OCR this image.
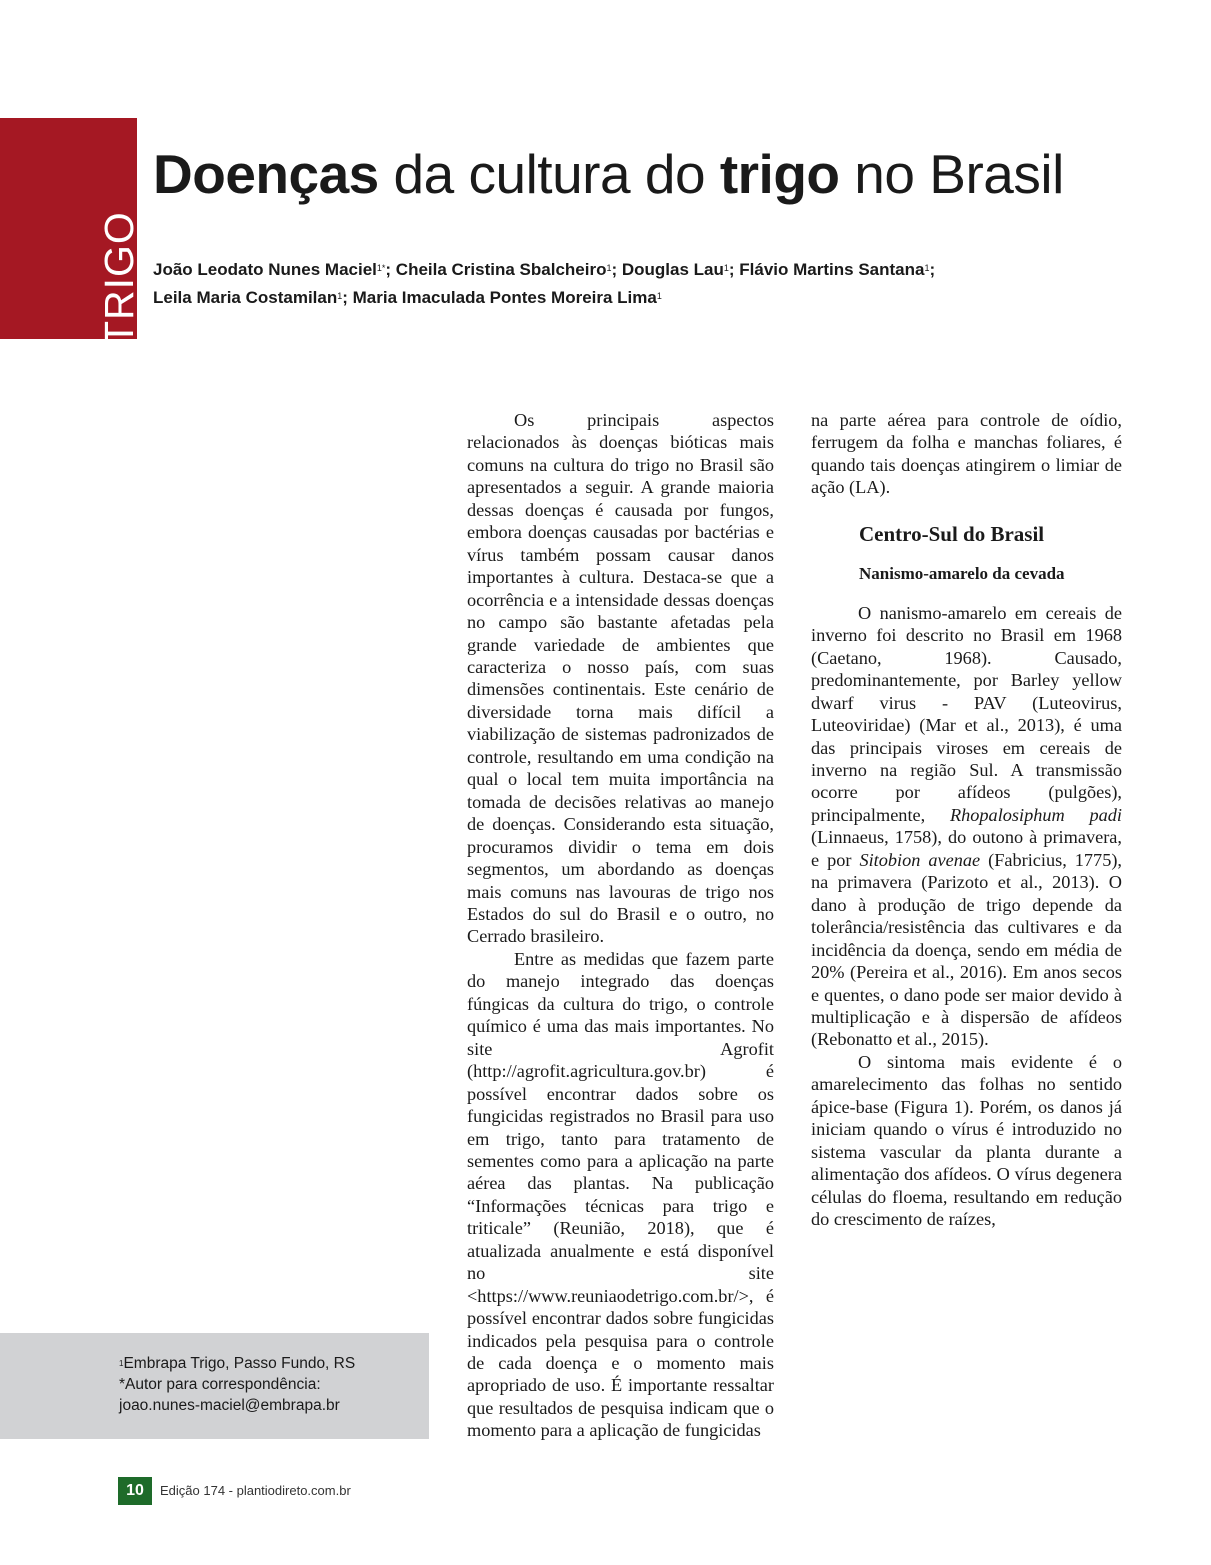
TRIGO
Doenças da cultura do trigo no Brasil
João Leodato Nunes Maciel$^{1*}$; Cheila Cristina Sbalcheiro$^1$; Douglas Lau$^1$; Flávio Martins Santana$^1$;
Leila Maria Costamilan$^1$; Maria Imaculada Pontes Moreira Lima$^1$

Os principais aspectos relacionados às doenças bióticas mais comuns na cultura do trigo no Brasil são apresentados a seguir. A grande maioria dessas doenças é causada por fungos, embora doenças causadas por bactérias e vírus também possam causar danos importantes à cultura. Destaca-se que a ocorrência e a intensidade dessas doenças no campo são bastante afetadas pela grande variedade de ambientes que caracteriza o nosso país, com suas dimensões continentais. Este cenário de diversidade torna mais difícil a viabilização de sistemas padronizados de controle, resultando em uma condição na qual o local tem muita importância na tomada de decisões relativas ao manejo de doenças. Considerando esta situação, procuramos dividir o tema em dois segmentos, um abordando as doenças mais comuns nas lavouras de trigo nos Estados do sul do Brasil e o outro, no Cerrado brasileiro.

Entre as medidas que fazem parte do manejo integrado das doenças fúngicas da cultura do trigo, o controle químico é uma das mais importantes. No site Agrofit (http://agrofit.agricultura.gov.br) é possível encontrar dados sobre os fungicidas registrados no Brasil para uso em trigo, tanto para tratamento de sementes como para a aplicação na parte aérea das plantas. Na publicação “Informações técnicas para trigo e triticale” (Reunião, 2018), que é atualizada anualmente e está disponível no site <https://www.reuniaodetrigo.com.br/>, é possível encontrar dados sobre fungicidas indicados pela pesquisa para o controle de cada doença e o momento mais apropriado de uso. É importante ressaltar que resultados de pesquisa indicam que o momento para a aplicação de fungicidas

na parte aérea para controle de oídio, ferrugem da folha e manchas foliares, é quando tais doenças atingirem o limiar de ação (LA).

Centro-Sul do Brasil
Nanismo-amarelo da cevada

O nanismo-amarelo em cereais de inverno foi descrito no Brasil em 1968 (Caetano, 1968). Causado, predominantemente, por Barley yellow dwarf virus - PAV (Luteovirus, Luteoviridae) (Mar et al., 2013), é uma das principais viroses em cereais de inverno na região Sul. A transmissão ocorre por afídeos (pulgões), principalmente, Rhopalosiphum padi (Linnaeus, 1758), do outono à primavera, e por Sitobion avenae (Fabricius, 1775), na primavera (Parizoto et al., 2013). O dano à produção de trigo depende da tolerância/resistência das cultivares e da incidência da doença, sendo em média de 20% (Pereira et al., 2016). Em anos secos e quentes, o dano pode ser maior devido à multiplicação e à dispersão de afídeos (Rebonatto et al., 2015).

O sintoma mais evidente é o amarelecimento das folhas no sentido ápice-base (Figura 1). Porém, os danos já iniciam quando o vírus é introduzido no sistema vascular da planta durante a alimentação dos afídeos. O vírus degenera células do floema, resultando em redução do crescimento de raízes,

$^1$Embrapa Trigo, Passo Fundo, RS
*Autor para correspondência:
joao.nunes-maciel@embrapa.br
10	Edição 174 - plantiodireto.com.br
